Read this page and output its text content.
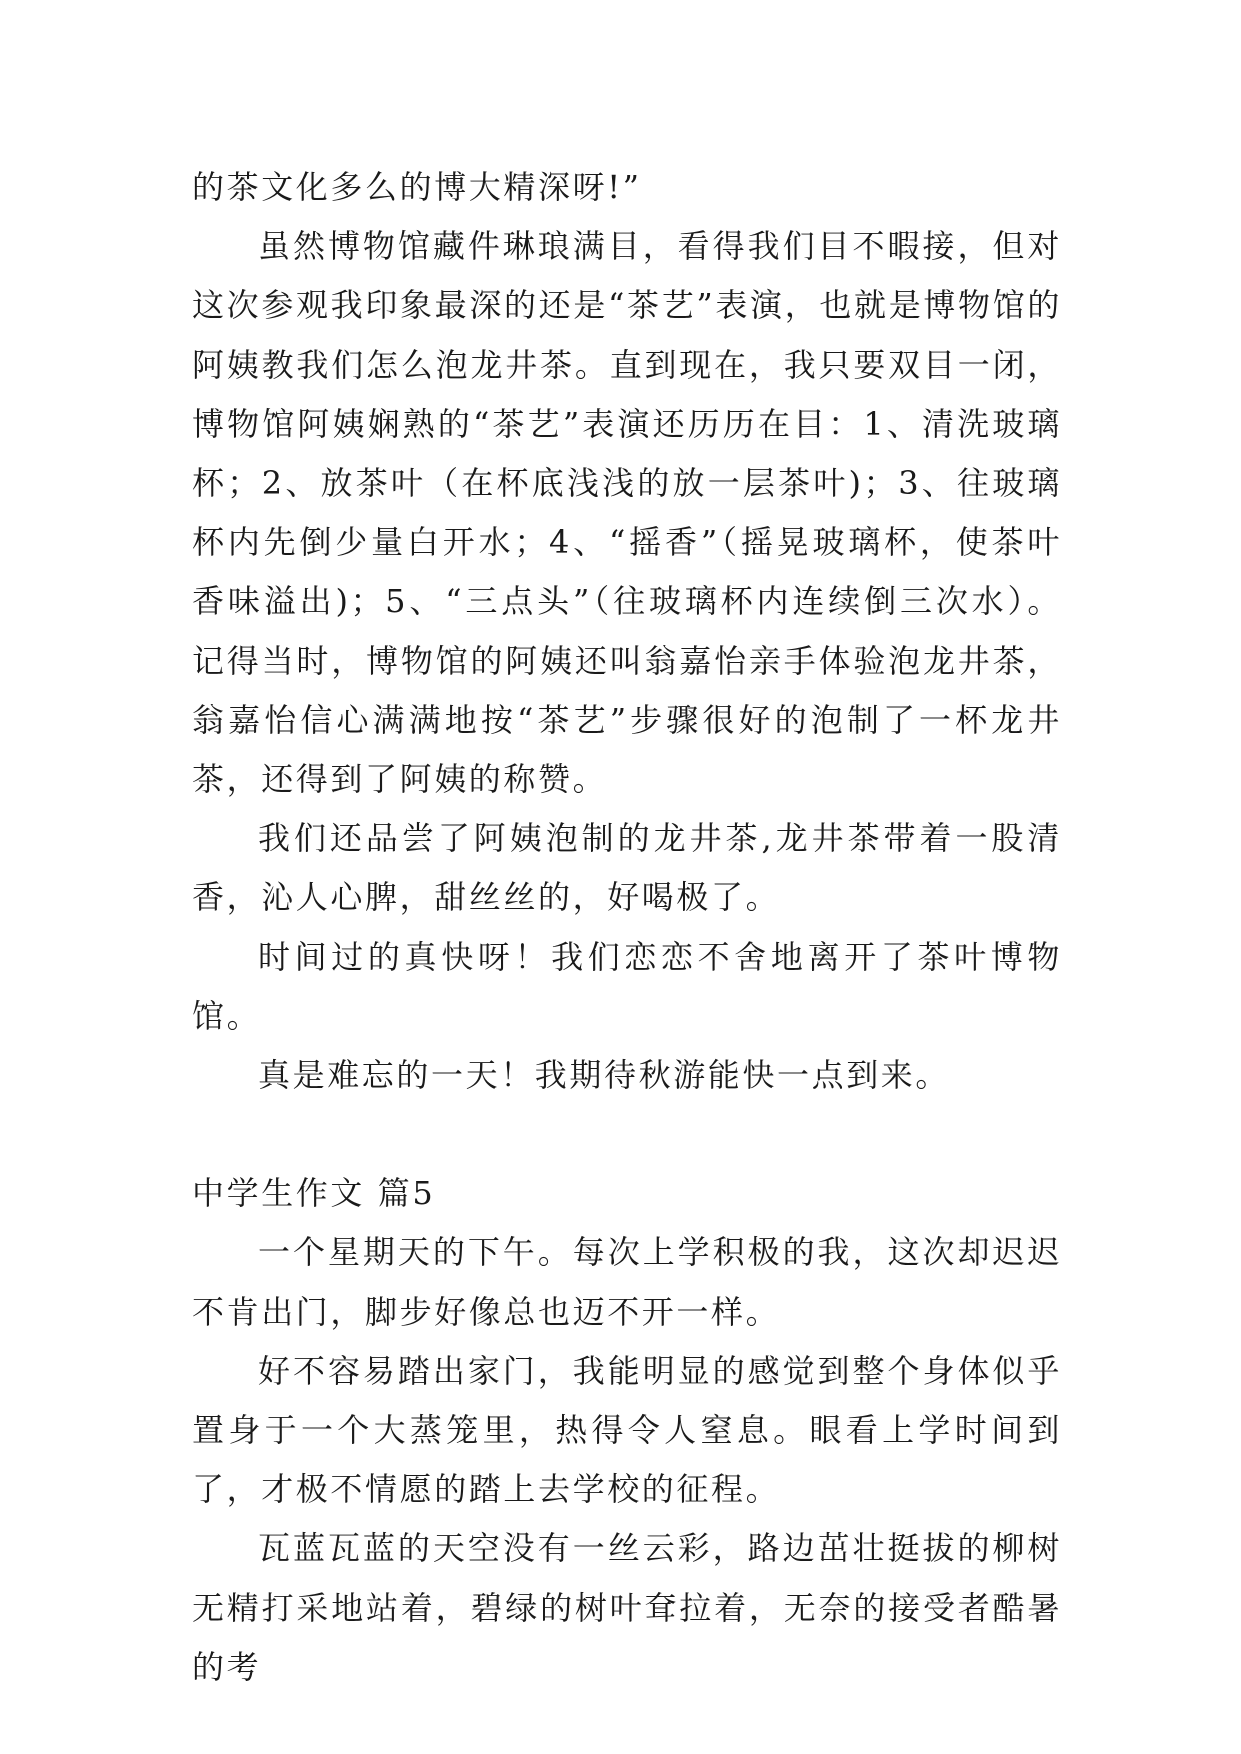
的茶文化多么的博大精深呀!”

虽然博物馆藏件琳琅满目，看得我们目不暇接，但对这次参观我印象最深的还是“茶艺”表演，也就是博物馆的阿姨教我们怎么泡龙井茶。直到现在，我只要双目一闭，博物馆阿姨娴熟的“茶艺”表演还历历在目：1、清洗玻璃杯；2、放茶叶（在杯底浅浅的放一层茶叶)；3、往玻璃杯内先倒少量白开水；4、“摇香”（摇晃玻璃杯，使茶叶香味溢出)；5、“三点头”（往玻璃杯内连续倒三次水）。记得当时，博物馆的阿姨还叫翁嘉怡亲手体验泡龙井茶，翁嘉怡信心满满地按“茶艺”步骤很好的泡制了一杯龙井茶，还得到了阿姨的称赞。

我们还品尝了阿姨泡制的龙井茶,龙井茶带着一股清香，沁人心脾，甜丝丝的，好喝极了。

时间过的真快呀！我们恋恋不舍地离开了茶叶博物馆。

真是难忘的一天！我期待秋游能快一点到来。

中学生作文 篇5

一个星期天的下午。每次上学积极的我，这次却迟迟不肯出门，脚步好像总也迈不开一样。

好不容易踏出家门，我能明显的感觉到整个身体似乎置身于一个大蒸笼里，热得令人窒息。眼看上学时间到了，才极不情愿的踏上去学校的征程。

瓦蓝瓦蓝的天空没有一丝云彩，路边茁壮挺拔的柳树无精打采地站着，碧绿的树叶耷拉着，无奈的接受者酷暑的考
